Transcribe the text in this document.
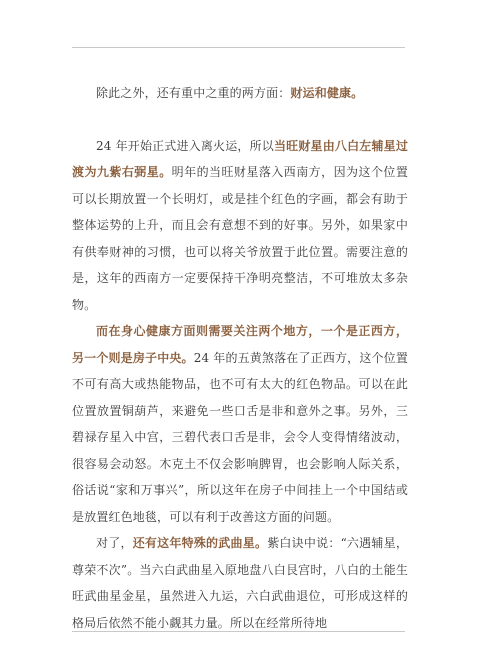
除此之外，还有重中之重的两方面：财运和健康。

24 年开始正式进入离火运，所以当旺财星由八白左辅星过渡为九紫右弼星。明年的当旺财星落入西南方，因为这个位置可以长期放置一个长明灯，或是挂个红色的字画，都会有助于整体运势的上升，而且会有意想不到的好事。另外，如果家中有供奉财神的习惯，也可以将关爷放置于此位置。需要注意的是，这年的西南方一定要保持干净明亮整洁，不可堆放太多杂物。

而在身心健康方面则需要关注两个地方，一个是正西方，另一个则是房子中央。24 年的五黄煞落在了正西方，这个位置不可有高大或热能物品，也不可有太大的红色物品。可以在此位置放置铜葫芦，来避免一些口舌是非和意外之事。另外，三碧禄存星入中宫，三碧代表口舌是非，会令人变得情绪波动，很容易会动怒。木克土不仅会影响脾胃，也会影响人际关系，俗话说“家和万事兴”，所以这年在房子中间挂上一个中国结或是放置红色地毯，可以有利于改善这方面的问题。

对了，还有这年特殊的武曲星。紫白诀中说：“六遇辅星，尊荣不次”。当六白武曲星入原地盘八白艮宫时，八白的土能生旺武曲星金星，虽然进入九运，六白武曲退位，可形成这样的格局后依然不能小觑其力量。所以在经常所待地
